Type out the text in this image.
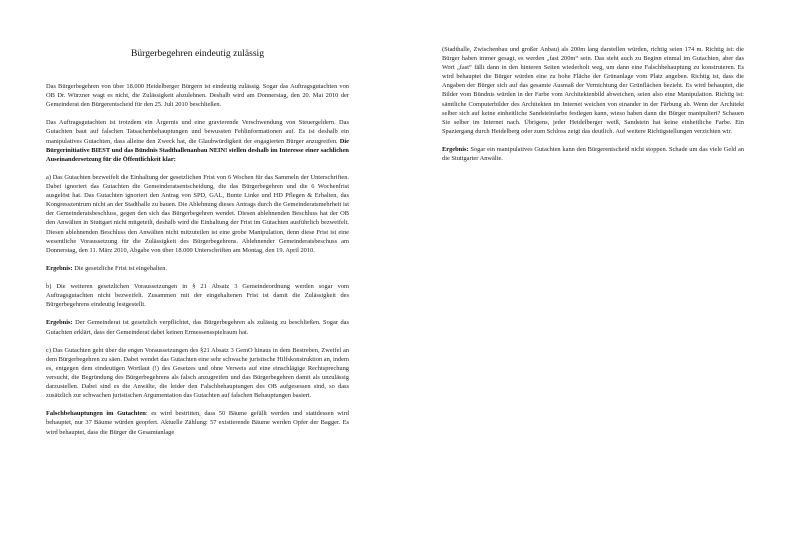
Bürgerbegehren eindeutig zulässig

Das Bürgerbegehren von über 18.000 Heidelberger Bürgern ist eindeutig zulässig. Sogar das Auftragsgutachten von OB Dr. Würzner wagt es nicht, die Zulässigkeit abzulehnen. Deshalb wird am Donnerstag, den 20. Mai 2010 der Gemeinderat den Bürgerentscheid für den 25. Juli 2010 beschließen.

Das Auftragsgutachten ist trotzdem ein Ärgernis und eine gravierende Verschwendung von Steuergeldern. Das Gutachten baut auf falschen Tatsachenbehauptungen und bewussten Fehlinformationen auf. Es ist deshalb ein manipulatives Gutachten, dass alleine den Zweck hat, die Glaubwürdigkeit der engagierten Bürger anzugreifen. Die Bürgerinitiative BIEST und das Bündnis Stadthallenanbau NEIN! stellen deshalb im Interesse einer sachlichen Auseinandersetzung für die Öffentlichkeit klar:

a) Das Gutachten bezweifelt die Einhaltung der gesetzlichen Frist von 6 Wochen für das Sammeln der Unterschriften. Dabei ignoriert das Gutachten die Gemeinderatsentscheidung, die das Bürgerbegehren und die 6 Wochenfrist ausgelöst hat. Das Gutachten ignoriert den Antrag von SPD, GAL, Bunte Linke und HD Pflegen & Erhalten, das Kongresszentrum nicht an der Stadthalle zu bauen. Die Ablehnung dieses Antrags durch die Gemeinderatsmehrheit ist der Gemeinderatsbeschluss, gegen den sich das Bürgerbegehren wendet. Diesen ablehnenden Beschluss hat der OB den Anwälten in Stuttgart nicht mitgeteilt, deshalb wird die Einhaltung der Frist im Gutachten ausführlich bezweifelt. Diesen ablehnenden Beschluss den Anwälten nicht mitzuteilen ist eine grobe Manipulation, denn diese Frist ist eine wesentliche Voraussetzung für die Zulässigkeit des Bürgerbegehrens. Ablehnender Gemeinderatsbeschuss am Donnerstag, den 11. März 2010, Abgabe von über 18.000 Unterschriften am Montag, den 19. April 2010.

Ergebnis: Die gesetzliche Frist ist eingehalten.

b) Die weiteren gesetzlichen Voraussetzungen in § 21 Absatz 3 Gemeindeordnung werden sogar vom Auftragsgutachten nicht bezweifelt. Zusammen mit der eingehaltenen Frist ist damit die Zulässigkeit des Bürgerbegehrens eindeutig festgestellt.

Ergebnis: Der Gemeinderat ist gesetzlich verpflichtet, das Bürgerbegehren als zulässig zu beschließen. Sogar das Gutachten erklärt, dass der Gemeinderat dabei keinen Ermessensspielraum hat.

c) Das Gutachten geht über die engen Voraussetzungen des §21 Absatz 3 GemO hinaus in dem Bestreben, Zweifel an dem Bürgerbegehren zu säen. Dabei wendet das Gutachten eine sehr schwache juristische Hilfskonstruktion an, indem es, entgegen dem eindeutigen Wortlaut (!) des Gesetzes und ohne Verweis auf eine einschlägige Rechtsprechung versucht, die Begründung des Bürgerbegehrens als falsch anzugreifen und das Bürgerbegehren damit als unzulässig darzustellen. Dabei sind es die Anwälte, die leider den Falschbehauptungen des OB aufgesessen sind, so dass zusätzlich zur schwachen juristischen Argumentation das Gutachten auf falschen Behauptungen basiert.

Falschbehauptungen im Gutachten: es wird bestritten, dass 50 Bäume gefällt werden und stattdessen wird behauptet, nur 37 Bäume würden geopfert. Aktuelle Zählung: 57 existierende Bäume werden Opfer der Bagger. Es wird behauptet, dass die Bürger die Gesamtanlage

(Stadthalle, Zwischenbau und großer Anbau) als 200m lang darstellen würden, richtig seien 174 m. Richtig ist: die Bürger haben immer gesagt, es werden „fast 200m“ sein. Das steht auch zu Beginn einmal im Gutachten, aber das Wort „fast“ fällt dann in den hinteren Seiten wiederholt weg, um dann eine Falschbehauptung zu konstruieren. Es wird behauptet die Bürger würden eine zu hohe Fläche der Grünanlage vom Platz angeben. Richtig ist, dass die Angaben der Bürger sich auf das gesamte Ausmaß der Vernichtung der Grünflächen bezieht. Es wird behauptet, die Bilder vom Bündnis würden in der Farbe vom Architektenbild abweichen, seien also eine Manipulation. Richtig ist: sämtliche Computerbilder des Architekten im Internet weichen von einander in der Färbung ab. Wenn der Architekt selber sich auf keine einheitliche Sandsteinfarbe festlegen kann, wieso haben dann die Bürger manipuliert? Schauen Sie selber im Internet nach. Übrigens, jeder Heidelberger weiß, Sandstein hat keine einheitliche Farbe. Ein Spaziergang durch Heidelberg oder zum Schloss zeigt das deutlich. Auf weitere Richtigstellungen verzichten wir.

Ergebnis: Sogar ein manipulatives Gutachten kann den Bürgerentscheid nicht stoppen. Schade um das viele Geld an die Stuttgarter Anwälte.
